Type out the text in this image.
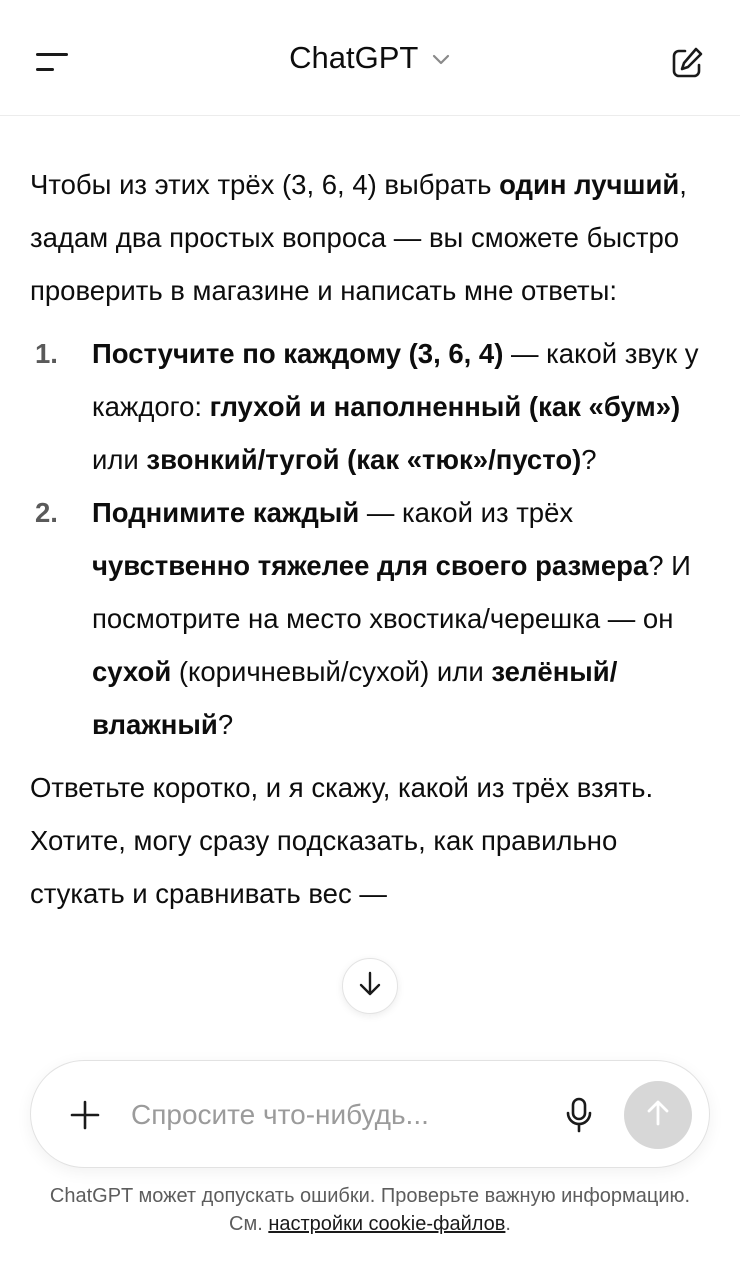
ChatGPT

Чтобы из этих трёх (3, 6, 4) выбрать один лучший, задам два простых вопроса — вы сможете быстро проверить в магазине и написать мне ответы:

1. Постучите по каждому (3, 6, 4) — какой звук у каждого: глухой и наполненный (как «бум») или звонкий/тугой (как «тюк»/пусто)?
2. Поднимите каждый — какой из трёх чувственно тяжелее для своего размера? И посмотрите на место хвостика/черешка — он сухой (коричневый/сухой) или зелёный/влажный?

Ответьте коротко, и я скажу, какой из трёх взять. Хотите, могу сразу подсказать, как правильно стукать и сравнивать вес —

Спросите что-нибудь...
ChatGPT может допускать ошибки. Проверьте важную информацию. См. настройки cookie-файлов.
